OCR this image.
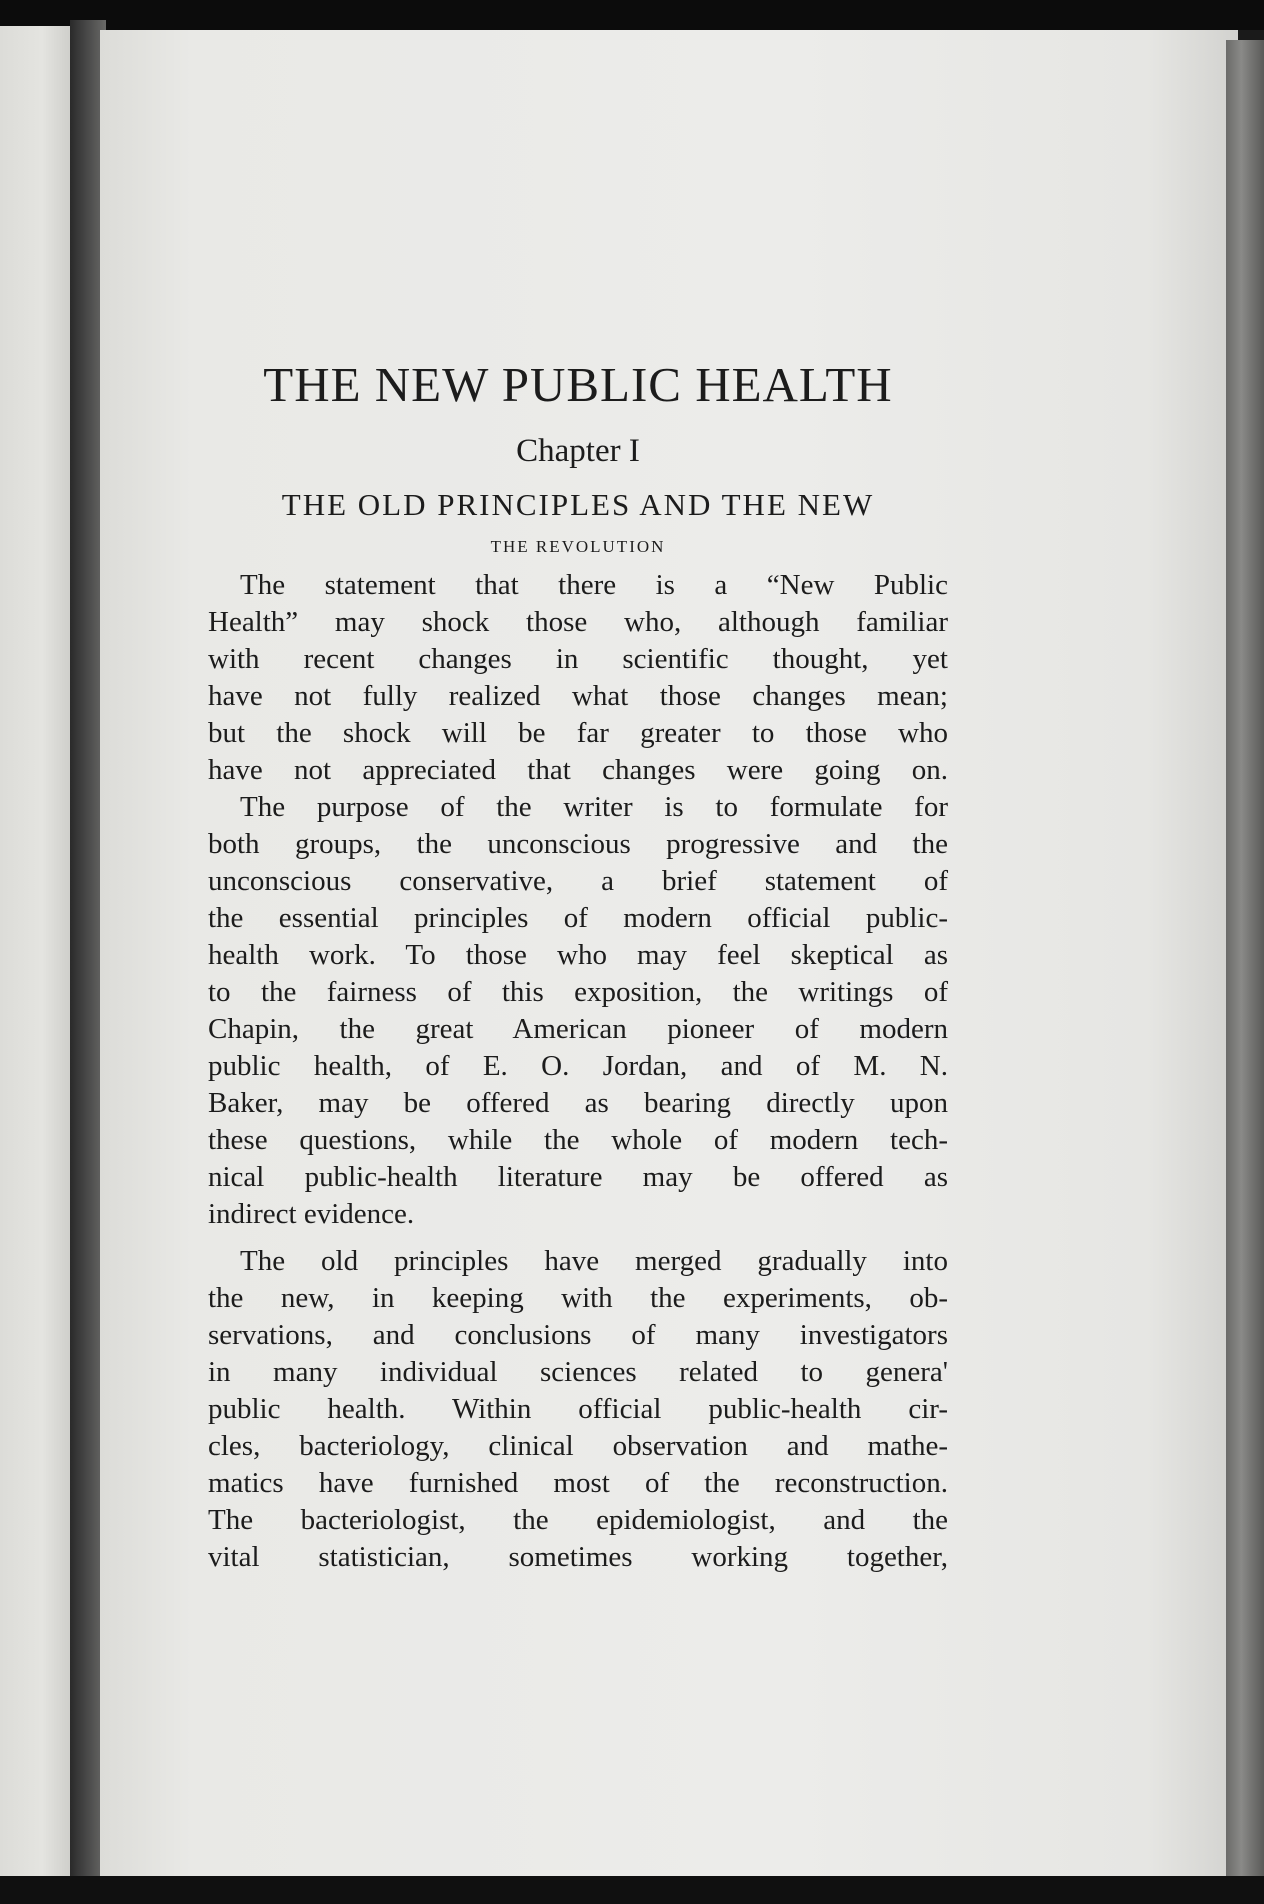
THE NEW PUBLIC HEALTH
Chapter I
THE OLD PRINCIPLES AND THE NEW
THE REVOLUTION

The statement that there is a “New Public
Health” may shock those who, although familiar
with recent changes in scientific thought, yet
have not fully realized what those changes mean;
but the shock will be far greater to those who
have not appreciated that changes were going on.

The purpose of the writer is to formulate for
both groups, the unconscious progressive and the
unconscious conservative, a brief statement of
the essential principles of modern official public-
health work. To those who may feel skeptical as
to the fairness of this exposition, the writings of
Chapin, the great American pioneer of modern
public health, of E. O. Jordan, and of M. N.
Baker, may be offered as bearing directly upon
these questions, while the whole of modern tech-
nical public-health literature may be offered as
indirect evidence.

The old principles have merged gradually into
the new, in keeping with the experiments, ob-
servations, and conclusions of many investigators
in many individual sciences related to genera'
public health. Within official public-health cir-
cles, bacteriology, clinical observation and mathe-
matics have furnished most of the reconstruction.
The bacteriologist, the epidemiologist, and the
vital statistician, sometimes working together,
